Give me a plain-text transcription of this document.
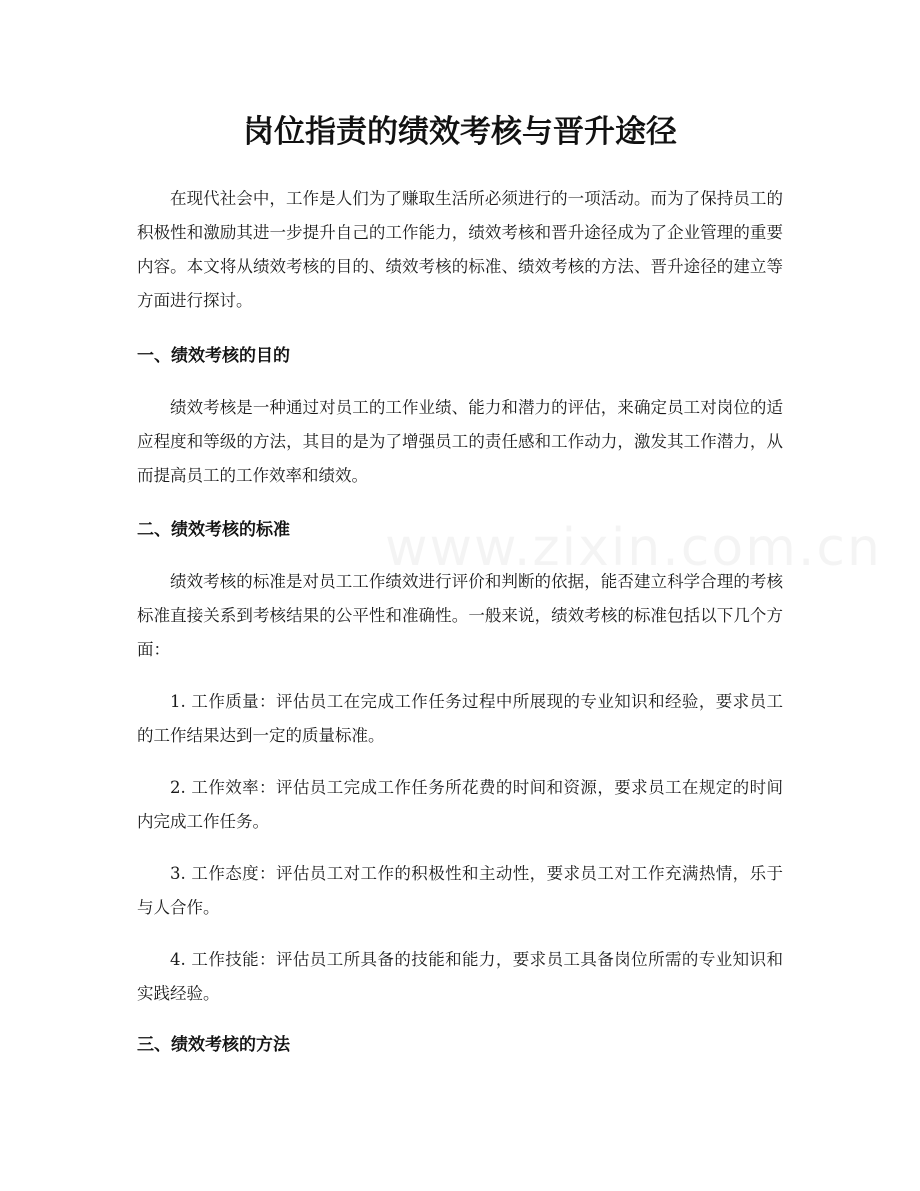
岗位指责的绩效考核与晋升途径

在现代社会中，工作是人们为了赚取生活所必须进行的一项活动。而为了保持员工的积极性和激励其进一步提升自己的工作能力，绩效考核和晋升途径成为了企业管理的重要内容。本文将从绩效考核的目的、绩效考核的标准、绩效考核的方法、晋升途径的建立等方面进行探讨。

一、绩效考核的目的

绩效考核是一种通过对员工的工作业绩、能力和潜力的评估，来确定员工对岗位的适应程度和等级的方法，其目的是为了增强员工的责任感和工作动力，激发其工作潜力，从而提高员工的工作效率和绩效。

二、绩效考核的标准

绩效考核的标准是对员工工作绩效进行评价和判断的依据，能否建立科学合理的考核标准直接关系到考核结果的公平性和准确性。一般来说，绩效考核的标准包括以下几个方面：

1. 工作质量：评估员工在完成工作任务过程中所展现的专业知识和经验，要求员工的工作结果达到一定的质量标准。

2. 工作效率：评估员工完成工作任务所花费的时间和资源，要求员工在规定的时间内完成工作任务。

3. 工作态度：评估员工对工作的积极性和主动性，要求员工对工作充满热情，乐于与人合作。

4. 工作技能：评估员工所具备的技能和能力，要求员工具备岗位所需的专业知识和实践经验。

三、绩效考核的方法
